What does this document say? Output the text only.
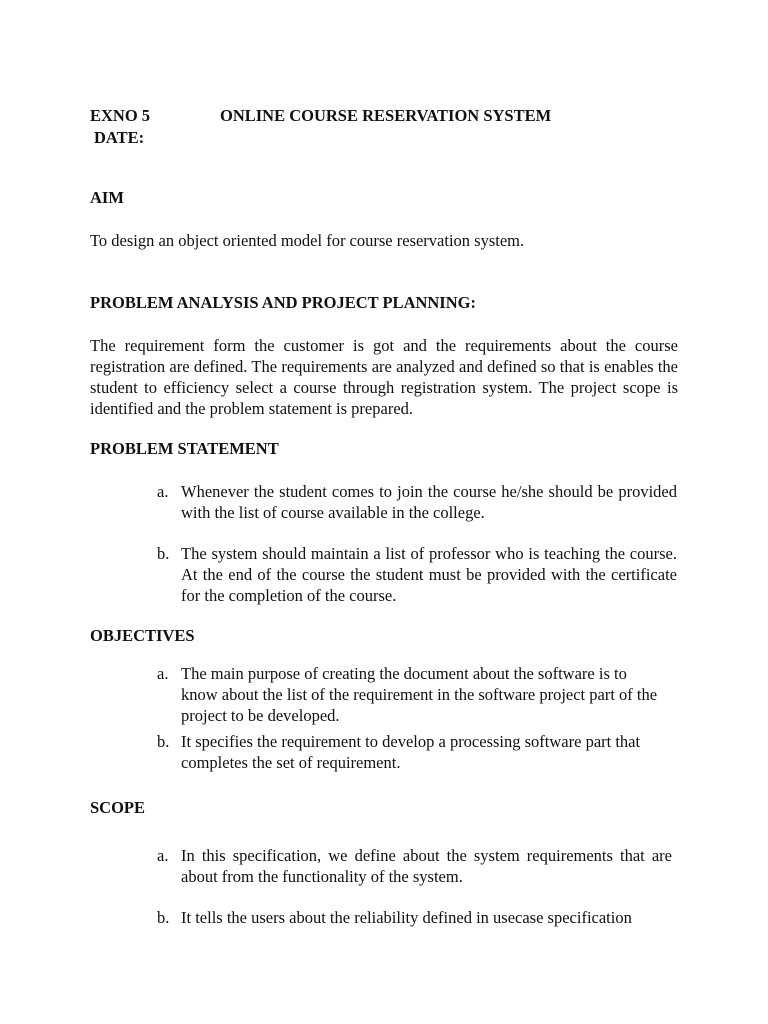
EXNO 5	ONLINE COURSE RESERVATION SYSTEM
DATE:
AIM
To design an object oriented model for course reservation system.
PROBLEM ANALYSIS AND PROJECT PLANNING:
The requirement form the customer is got and the requirements about the course registration are defined. The requirements are analyzed and defined so that is enables the student to efficiency select a course through registration system. The project scope is identified and the problem statement is prepared.
PROBLEM STATEMENT
a. Whenever the student comes to join the course he/she should be provided with the list of course available in the college.
b. The system should maintain a list of professor who is teaching the course. At the end of the course the student must be provided with the certificate for the completion of the course.
OBJECTIVES
a. The main purpose of creating the document about the software is to know about the list of the requirement in the software project part of the project to be developed.
b. It specifies the requirement to develop a processing software part that completes the set of requirement.
SCOPE
a. In this specification, we define about the system requirements that are about from the functionality of the system.
b. It tells the users about the reliability defined in usecase specification
